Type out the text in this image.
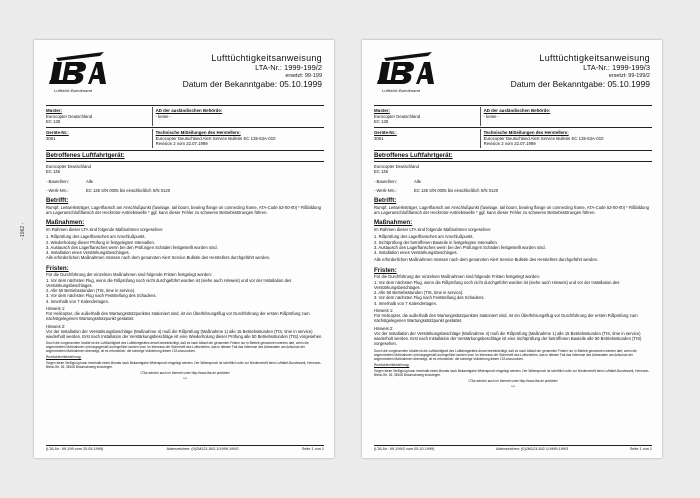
- 1962 -
Luftfahrt-Bundesamt
Lufttüchtigkeitsanweisung
LTA-Nr.: 1999-199/2
ersetzt: 99-199
Datum der Bekanntgabe: 05.10.1999
Muster:
Eurocopter Deutschland
EC 135
AD der ausländischen Behörde:
- keine -
Geräte-Nr.:
3061
Technische Mitteilungen des Herstellers:
Eurocopter Deutschland Alert Service Bulletin EC 135-53A-010
Revision 2 vom 22.07.1999
Betroffenes Luftfahrtgerät:
Eurocopter Deutschland
EC 135
- Baureihen:	Alle
- Werk-Nrn.:	EC 135 S/N 0005 bis einschließlich S/N 0120
Betrifft:
Rumpf, Leitwerksträger, Lagerflansch am Anschlußpunkt (fuselage, tail boom, bearing flange on connecting frame, ATA-Code 53-00-00) * Rißbildung am Lageranschlußflansch der Heckrotor-Antriebswelle * ggf. kann dieser Fehler zu schweren Betriebsstörungen führen.
Maßnahmen:
Im Rahmen dieser LTA sind folgende Maßnahmen vorgesehen:
1. Rißprüfung des Lagerflansches am Anschlußpunkt.
2. Wiederholung dieser Prüfung in festgelegten Intervallen.
3. Austausch des Lagerflansches wenn bei den Prüfungen Schäden festgestellt worden sind.
4. Installation eines Verstärkungsbeschlages.
Alle erforderlichen Maßnahmen müssen nach dem genannten Alert Service Bulletin des Herstellers durchgeführt werden.
Fristen:
Für die Durchführung der einzelnen Maßnahmen sind folgende Fristen festgelegt worden:
1. Vor dem nächsten Flug, wenn die Rißprüfung noch nicht durchgeführt worden ist (siehe auch Hinweis) und vor der Installation des Verstärkungsbeschlages.
2. Alle 50 Betriebsstunden (TIS, time in service).
3. Vor dem nächsten Flug nach Feststellung des Schadens.
4. Innerhalb von 7 Kalendertagen.
Hinweis 1:
Für Helicopter, die außerhalb des Wartungsstützpunktes stationiert sind, ist ein Überführungsflug vor Durchführung der ersten Rißprüfung zum nächstgelegenen Wartungsstützpunkt gestattet.
Hinweis 2:
Vor der Installation der Verstärkungsbeschläge (Maßnahme 4) muß die Rißprüfung (Maßnahme 1) alle 15 Betriebsstunden (TIS, time in service) wiederholt werden. Erst nach Installation der Verstärkungsbeschläge ist eine Wiederholung dieser Prüfung alle 50 Betriebsstunden (TIS) vorgesehen.
Durch die vorgenannten Inhalte ist die Lufttüchtigkeit des Luftfahrtgerätes derart beeinträchtigt, daß es nach Ablauf der genannten Fristen nur in Betrieb genommen werden darf, wenn die angeordneten Maßnahmen ordnungsgemäß durchgeführt worden sind. Im Interesse der Sicherheit des Luftverkehrs, das in diesem Fall das Interesse des Adressaten am Aufschub der angeordneten Maßnahmen überwiegt, ist es erforderlich, die sofortige Vollziehung dieser LTA anzuordnen.
Rechtsbehelfsbelehrung:
Gegen diese Verfügung kann innerhalb eines Monats nach Bekanntgabe Widerspruch eingelegt werden. Der Widerspruch ist schriftlich oder zur Niederschrift beim Luftfahrt-Bundesamt, Hermann-Blenk-Str. 26, 38108 Braunschweig einzulegen.
LTAs werden auch im Internet unter http://www.lba.de publiziert
***
(LTA-Nr.: 99-199 vom 20.05.1999)	Aktenzeichen: (0)2M121-502.1/1999-199/2	Seite 1 von 1
Luftfahrt-Bundesamt
Lufttüchtigkeitsanweisung
LTA-Nr.: 1999-199/3
ersetzt: 99-199/2
Datum der Bekanntgabe: 05.10.1999
Muster:
Eurocopter Deutschland
EC 135
AD der ausländischen Behörde:
- keine -
Geräte-Nr.:
3061
Technische Mitteilungen des Herstellers:
Eurocopter Deutschland Alert Service Bulletin EC 135-53A-010
Revision 2 vom 22.07.1999
Betroffenes Luftfahrtgerät:
Eurocopter Deutschland
EC 135
- Baureihen:	Alle
- Werk-Nrn.:	EC 135 S/N 0005 bis einschließlich S/N 0120
Betrifft:
Rumpf, Leitwerksträger, Lagerflansch am Anschlußpunkt (fuselage, tail boom, bearing flange on connecting frame, ATA-Code 53-00-00) * Rißbildung am Lageranschlußflansch der Heckrotor-Antriebswelle * ggf. kann dieser Fehler zu schweren Betriebsstörungen führen.
Maßnahmen:
Im Rahmen dieser LTA sind folgende Maßnahmen vorgesehen:
1. Rißprüfung des Lagerflansches am Anschlußpunkt.
2. Sichtprüfung der betroffenen Bauteile in festgelegten Intervallen.
3. Austausch des Lagerflansches wenn bei den Prüfungen Schäden festgestellt worden sind.
4. Installation eines Verstärkungsbeschlages.
Alle erforderlichen Maßnahmen müssen nach dem genannten Alert Service Bulletin des Herstellers durchgeführt werden.
Fristen:
Für die Durchführung der einzelnen Maßnahmen sind folgende Fristen festgelegt worden:
1. Vor dem nächsten Flug, wenn die Rißprüfung noch nicht durchgeführt worden ist (siehe auch Hinweis) und vor der Installation des Verstärkungsbeschlages.
2. Alle 50 Betriebsstunden (TIS, time in service).
3. Vor dem nächsten Flug nach Feststellung des Schadens.
4. Innerhalb von 7 Kalendertagen.
Hinweis 1:
Für Helicopter, die außerhalb des Wartungsstützpunktes stationiert sind, ist ein Überführungsflug vor Durchführung der ersten Rißprüfung zum nächstgelegenen Wartungsstützpunkt gestattet.
Hinweis 2:
Vor der Installation der Verstärkungsbeschläge (Maßnahme 4) muß die Rißprüfung (Maßnahme 1) alle 15 Betriebsstunden (TIS, time in service) wiederholt werden. Erst nach Installation der Verstärkungsbeschläge ist eine Sichtprüfung der betroffenen Bauteile alle 50 Betriebsstunden (TIS) vorgesehen.
Durch die vorgenannten Inhalte ist die Lufttüchtigkeit des Luftfahrtgerätes derart beeinträchtigt, daß es nach Ablauf der genannten Fristen nur in Betrieb genommen werden darf, wenn die angeordneten Maßnahmen ordnungsgemäß durchgeführt worden sind. Im Interesse der Sicherheit des Luftverkehrs, das in diesem Fall das Interesse des Adressaten am Aufschub der angeordneten Maßnahmen überwiegt, ist es erforderlich, die sofortige Vollziehung dieser LTA anzuordnen.
Rechtsbehelfsbelehrung:
Gegen diese Verfügung kann innerhalb eines Monats nach Bekanntgabe Widerspruch eingelegt werden. Der Widerspruch ist schriftlich oder zur Niederschrift beim Luftfahrt-Bundesamt, Hermann-Blenk-Str. 26, 38108 Braunschweig einzulegen.
LTAs werden auch im Internet unter http://www.lba.de publiziert
***
(LTA-Nr.: 99-199/2 vom 05.10.1999)	Aktenzeichen: (0)2M123-502.1/1999-199/3	Seite 1 von 1
